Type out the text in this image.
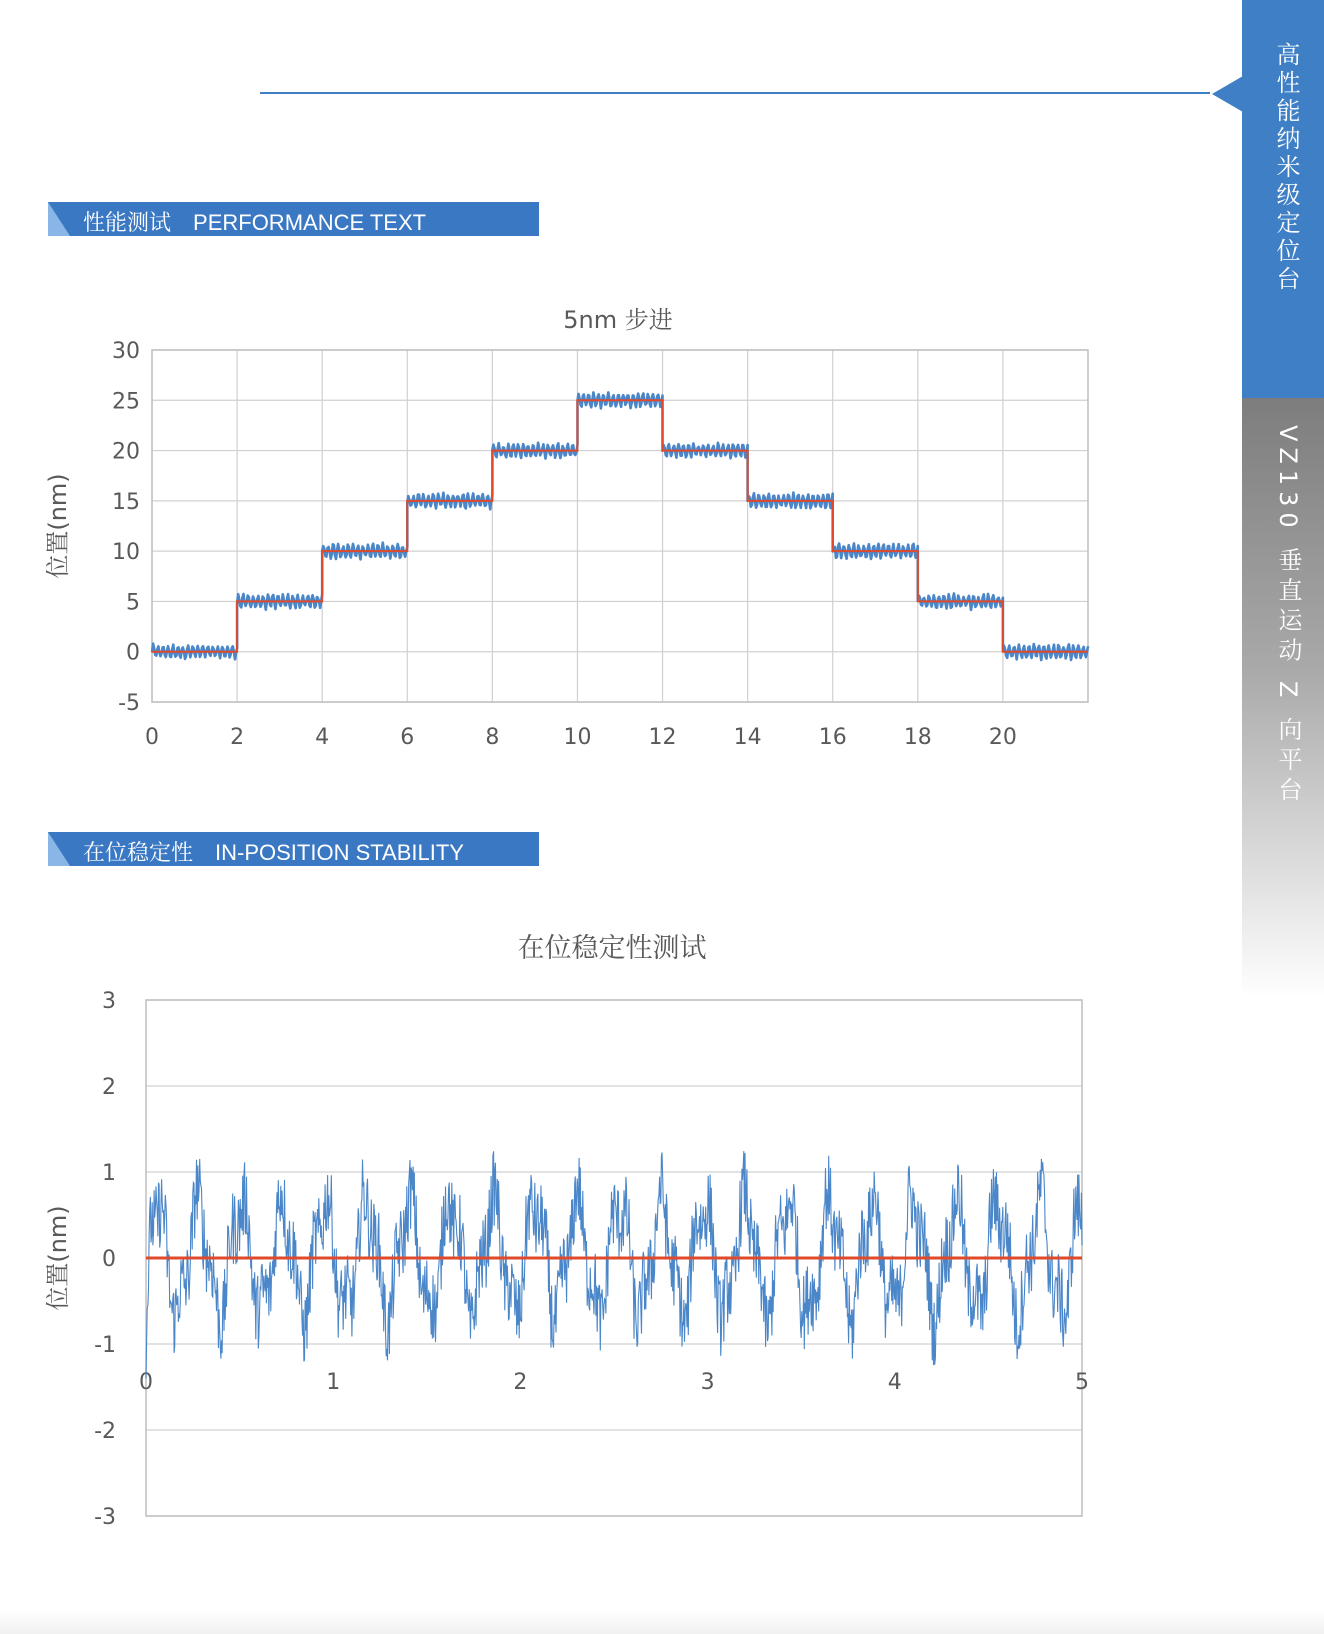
高性能纳米级定位台
VZ130 垂直运动 Z 向平台
性能测试 PERFORMANCE TEXT
在位稳定性 IN-POSITION STABILITY
5nm 步进
位置(nm)
-5
0
5
10
15
20
25
30
0	2	4	6	8	10	12	14	16	18	20
在位稳定性测试
位置(nm)
-3
-2
-1
0
1
2
3
0	1	2	3	4	5
